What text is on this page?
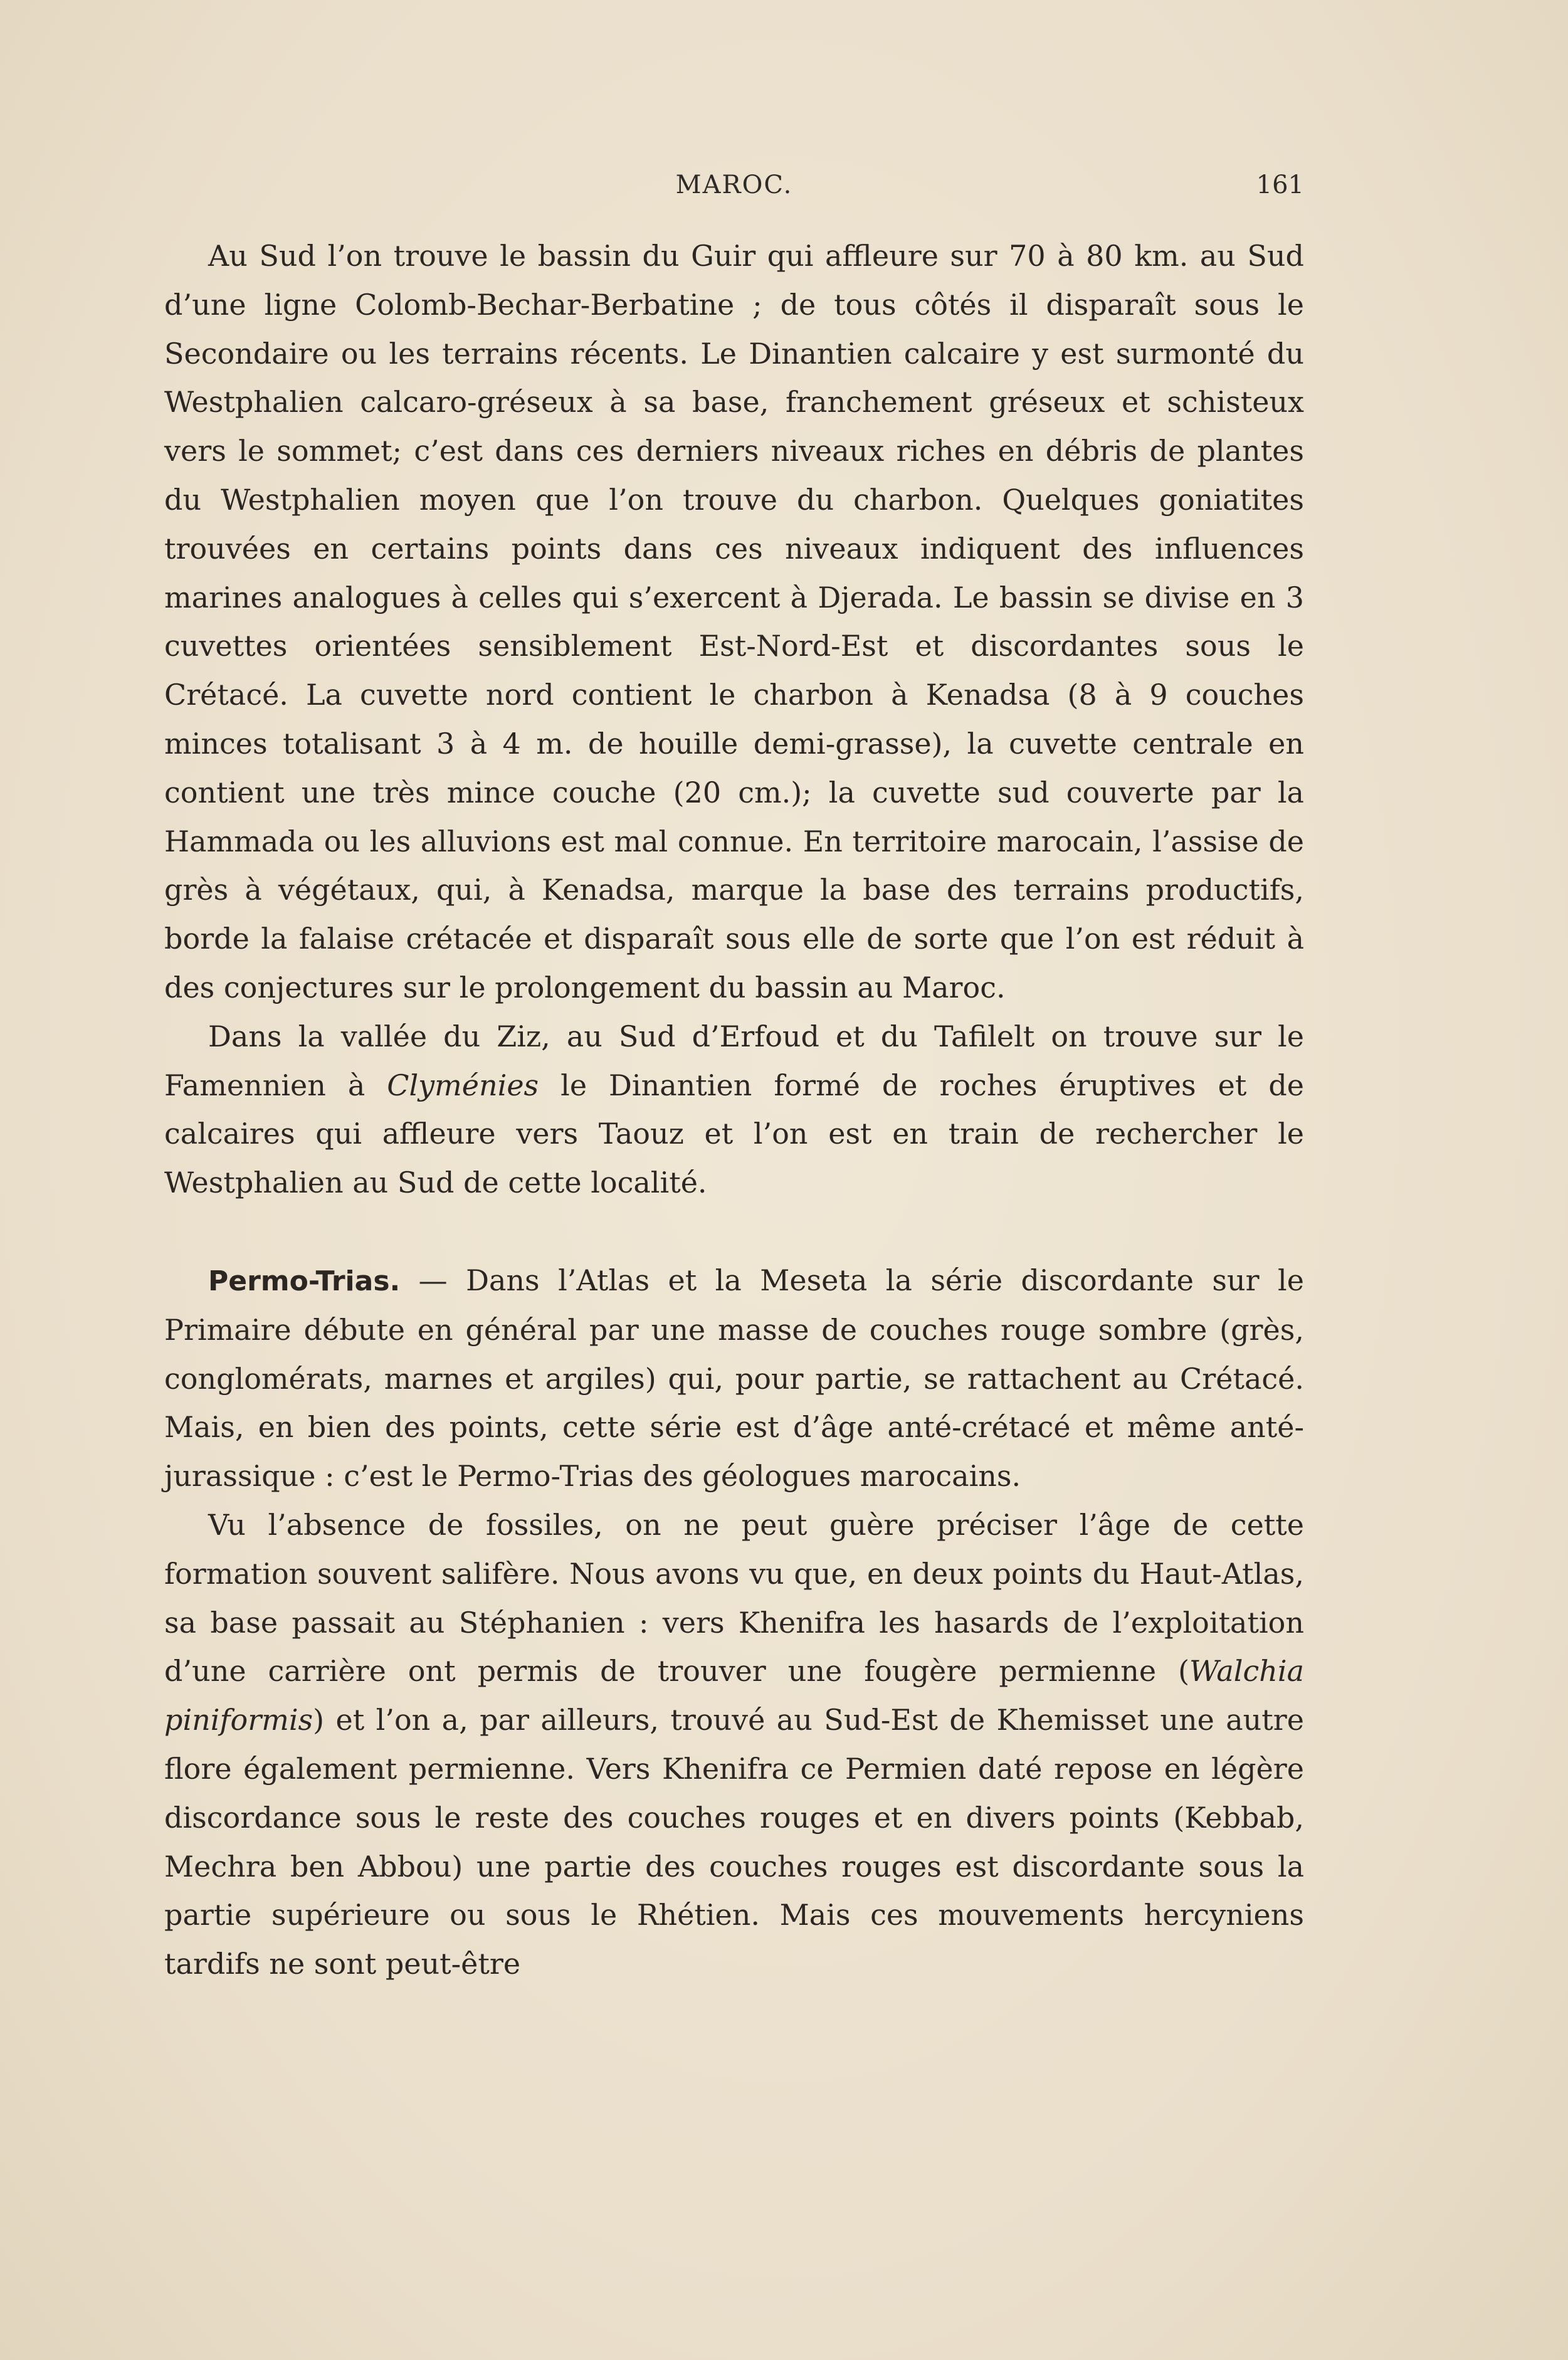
MAROC.	161

Au Sud l’on trouve le bassin du Guir qui affleure sur 70 à 80 km. au Sud d’une ligne Colomb-Bechar-Berbatine ; de tous côtés il disparaît sous le Secondaire ou les terrains récents. Le Dinantien calcaire y est surmonté du Westphalien calcaro-gréseux à sa base, franchement gréseux et schisteux vers le sommet; c’est dans ces derniers niveaux riches en débris de plantes du Westphalien moyen que l’on trouve du charbon. Quelques goniatites trouvées en certains points dans ces niveaux indiquent des influences marines analogues à celles qui s’exercent à Djerada. Le bassin se divise en 3 cuvettes orientées sensiblement Est-Nord-Est et discordantes sous le Crétacé. La cuvette nord contient le charbon à Kenadsa (8 à 9 couches minces totalisant 3 à 4 m. de houille demi-grasse), la cuvette centrale en contient une très mince couche (20 cm.); la cuvette sud couverte par la Hammada ou les alluvions est mal connue. En territoire marocain, l’assise de grès à végétaux, qui, à Kenadsa, marque la base des terrains productifs, borde la falaise crétacée et disparaît sous elle de sorte que l’on est réduit à des conjectures sur le prolongement du bassin au Maroc.

Dans la vallée du Ziz, au Sud d’Erfoud et du Tafilelt on trouve sur le Famennien à Clyménies le Dinantien formé de roches éruptives et de calcaires qui affleure vers Taouz et l’on est en train de rechercher le Westphalien au Sud de cette localité.

Permo-Trias. — Dans l’Atlas et la Meseta la série discordante sur le Primaire débute en général par une masse de couches rouge sombre (grès, conglomérats, marnes et argiles) qui, pour partie, se rattachent au Crétacé. Mais, en bien des points, cette série est d’âge anté-crétacé et même anté-jurassique : c’est le Permo-Trias des géologues marocains.

Vu l’absence de fossiles, on ne peut guère préciser l’âge de cette formation souvent salifère. Nous avons vu que, en deux points du Haut-Atlas, sa base passait au Stéphanien : vers Khenifra les hasards de l’exploitation d’une carrière ont permis de trouver une fougère permienne (Walchia piniformis) et l’on a, par ailleurs, trouvé au Sud-Est de Khemisset une autre flore également permienne. Vers Khenifra ce Permien daté repose en légère discordance sous le reste des couches rouges et en divers points (Kebbab, Mechra ben Abbou) une partie des couches rouges est discordante sous la partie supérieure ou sous le Rhétien. Mais ces mouvements hercyniens tardifs ne sont peut-être
